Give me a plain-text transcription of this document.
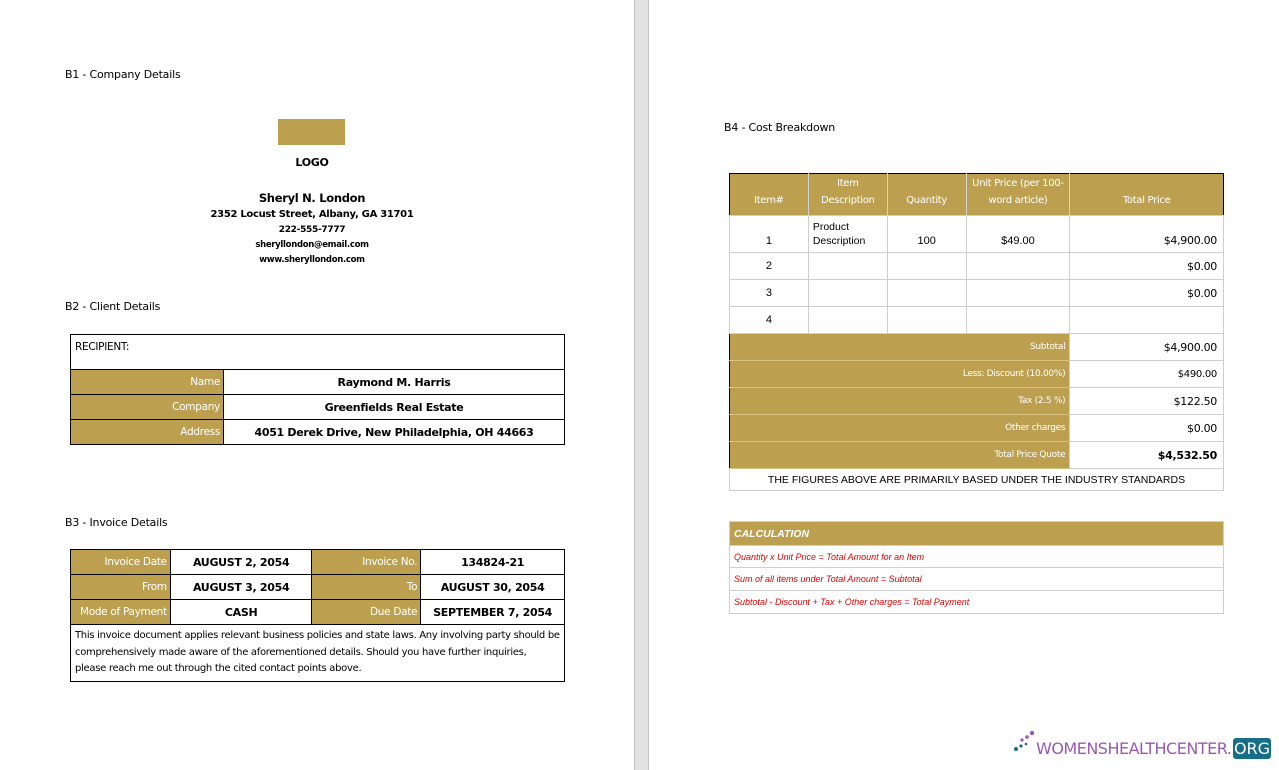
B1 - Company Details
LOGO
Sheryl N. London
2352 Locust Street, Albany, GA 31701
222-555-7777
sheryllondon@email.com
www.sheryllondon.com
B2 - Client Details
RECIPIENT:	
Name	Raymond M. Harris
Company	Greenfields Real Estate
Address	4051 Derek Drive, New Philadelphia, OH 44663
B3 - Invoice Details
Invoice Date	AUGUST 2, 2054	Invoice No.	134824-21
From	AUGUST 3, 2054	To	AUGUST 30, 2054
Mode of Payment	CASH	Due Date	SEPTEMBER 7, 2054
This invoice document applies relevant business policies and state laws. Any involving party should be comprehensively made aware of the aforementioned details. Should you have further inquiries, please reach me out through the cited contact points above.			
B4 - Cost Breakdown
Item#	Item Description	Quantity	Unit Price (per 100-word article)	Total Price
1	Product Description	100	$49.00	$4,900.00
2				$0.00
3				$0.00
4				
Subtotal				$4,900.00
Less: Discount (10.00%)				$490.00
Tax (2.5 %)				$122.50
Other charges				$0.00
Total Price Quote				$4,532.50
THE FIGURES ABOVE ARE PRIMARILY BASED UNDER THE INDUSTRY STANDARDS				
CALCULATION
Quantity x Unit Price = Total Amount for an Item
Sum of all items under Total Amount = Subtotal
Subtotal - Discount + Tax + Other charges = Total Payment
WOMENSHEALTHCENTER. ORG
